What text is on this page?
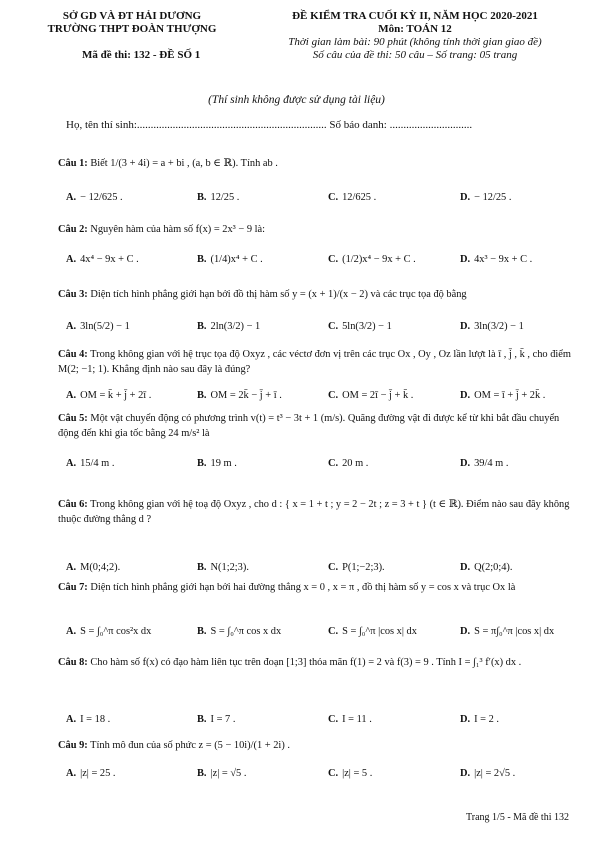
SỞ GD VÀ ĐT HẢI DƯƠNG
TRƯỜNG THPT ĐOÀN THƯỢNG
Mã đề thi: 132 - ĐỀ SỐ 1
ĐỀ KIỂM TRA CUỐI KỲ II, NĂM HỌC 2020-2021
Môn: TOÁN 12
Thời gian làm bài: 90 phút (không tính thời gian giao đề)
Số câu của đề thi: 50 câu – Số trang: 05 trang
(Thí sinh không được sử dụng tài liệu)
Họ, tên thí sinh:..................................................................... Số báo danh: ..............................
Câu 1: Biết 1/(3 + 4i) = a + bi , (a, b ∈ ℝ). Tính ab .
A. − 12/625 .	B. 12/25 .	C. 12/625 .	D. − 12/25 .
Câu 2: Nguyên hàm của hàm số f(x) = 2x³ − 9 là:
A. 4x⁴ − 9x + C .	B. (1/4)x⁴ + C .	C. (1/2)x⁴ − 9x + C .	D. 4x³ − 9x + C .
Câu 3: Diện tích hình phẳng giới hạn bởi đồ thị hàm số y = (x + 1)/(x − 2) và các trục tọa độ bằng
A. 3ln(5/2) − 1	B. 2ln(3/2) − 1	C. 5ln(3/2) − 1	D. 3ln(3/2) − 1
Câu 4: Trong không gian với hệ trục tọa độ Oxyz , các véctơ đơn vị trên các trục Ox , Oy , Oz lần lượt là ī , j̄ , k̄ , cho điểm M(2; −1; 1). Khẳng định nào sau đây là đúng?
A. OM = k̄ + j̄ + 2ī .	B. OM = 2k̄ − j̄ + ī .	C. OM = 2ī − j̄ + k̄ .	D. OM = ī + j̄ + 2k̄ .
Câu 5: Một vật chuyển động có phương trình v(t) = t³ − 3t + 1 (m/s). Quãng đường vật đi được kể từ khi bắt đầu chuyển động đến khi gia tốc bằng 24 m/s² là
A. 15/4 m .	B. 19 m .	C. 20 m .	D. 39/4 m .
Câu 6: Trong không gian với hệ toạ độ Oxyz , cho d : { x = 1 + t ; y = 2 − 2t ; z = 3 + t } (t ∈ ℝ). Điểm nào sau đây không thuộc đường thẳng d ?
A. M(0;4;2).	B. N(1;2;3).	C. P(1;−2;3).	D. Q(2;0;4).
Câu 7: Diện tích hình phẳng giới hạn bởi hai đường thẳng x = 0 , x = π , đồ thị hàm số y = cos x và trục Ox là
A. S = ∫₀^π cos²x dx	B. S = ∫₀^π cos x dx	C. S = ∫₀^π |cos x| dx	D. S = π∫₀^π |cos x| dx
Câu 8: Cho hàm số f(x) có đạo hàm liên tục trên đoạn [1;3] thỏa mãn f(1) = 2 và f(3) = 9 . Tính I = ∫₁³ f′(x) dx .
A. I = 18 .	B. I = 7 .	C. I = 11 .	D. I = 2 .
Câu 9: Tính mô đun của số phức z = (5 − 10i)/(1 + 2i) .
A. |z| = 25 .	B. |z| = √5 .	C. |z| = 5 .	D. |z| = 2√5 .
Trang 1/5 - Mã đề thi 132
